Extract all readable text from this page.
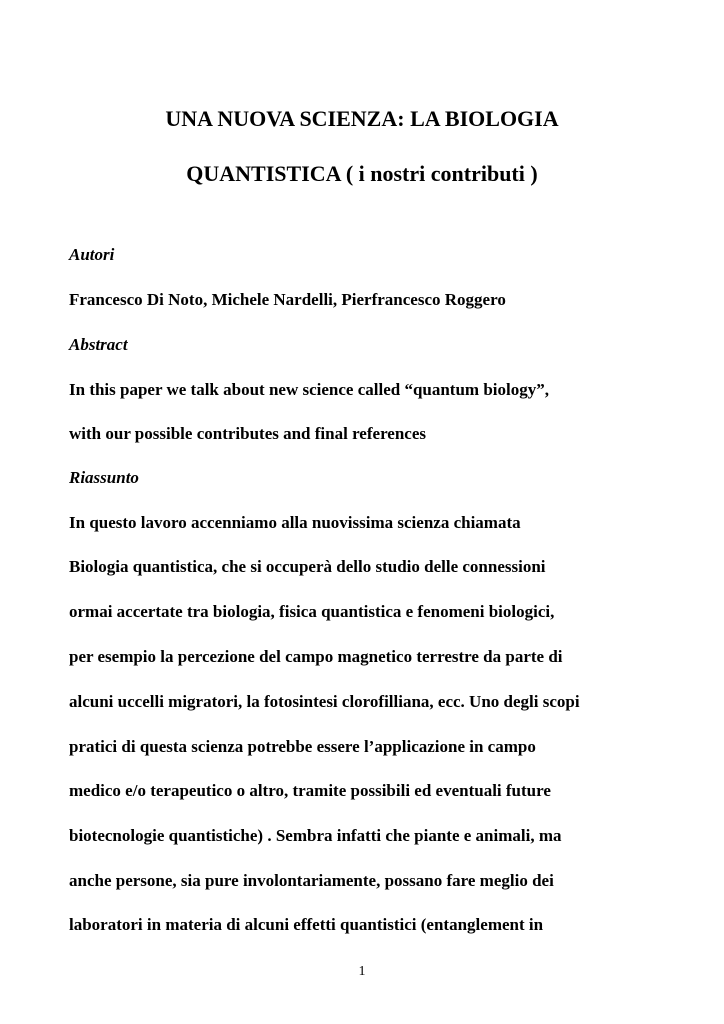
UNA NUOVA SCIENZA: LA BIOLOGIA
QUANTISTICA ( i nostri contributi )
Autori
Francesco Di Noto, Michele Nardelli, Pierfrancesco Roggero
Abstract
In this paper we talk about new science called “quantum biology”,
with our possible contributes and final references
Riassunto
In questo lavoro accenniamo alla nuovissima scienza chiamata
Biologia quantistica, che si occuperà dello studio delle connessioni
ormai accertate tra biologia, fisica quantistica e fenomeni biologici,
per esempio la percezione del campo magnetico terrestre da parte di
alcuni uccelli migratori, la fotosintesi clorofilliana, ecc. Uno degli scopi
pratici di questa scienza potrebbe essere l’applicazione in campo
medico e/o terapeutico o altro, tramite possibili ed eventuali future
biotecnologie quantistiche) . Sembra infatti che piante e animali, ma
anche persone, sia pure involontariamente, possano fare meglio dei
laboratori in materia di alcuni effetti quantistici (entanglement in
1
